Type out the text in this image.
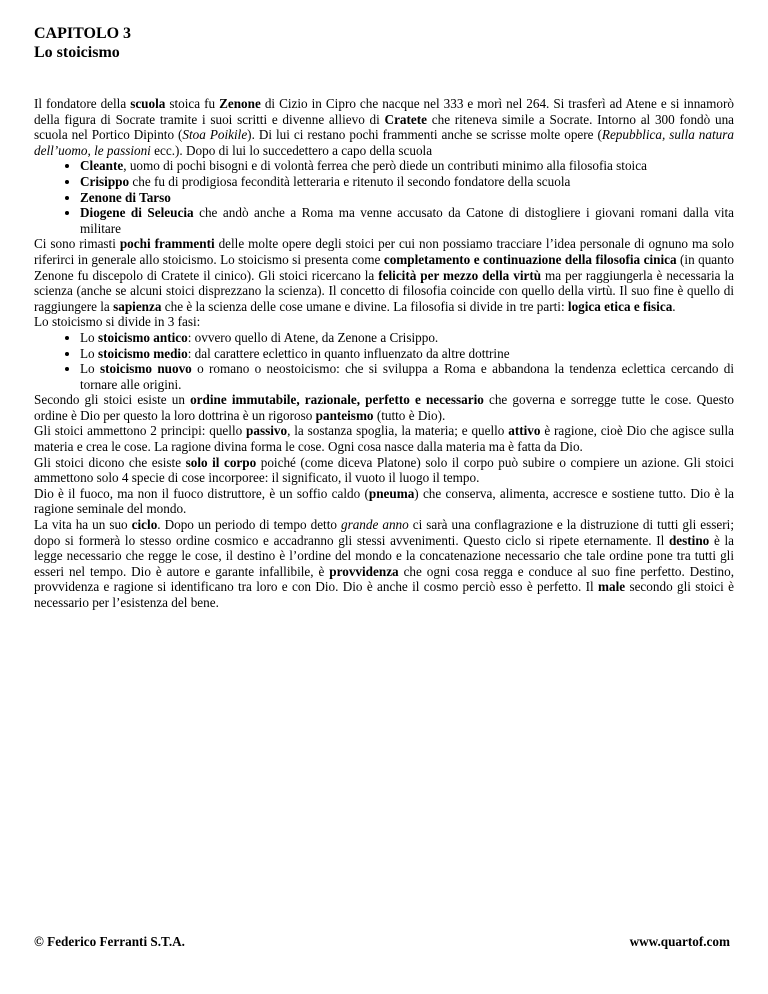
CAPITOLO 3
Lo stoicismo

Il fondatore della scuola stoica fu Zenone di Cizio in Cipro che nacque nel 333 e morì nel 264. Si trasferì ad Atene e si innamorò della figura di Socrate tramite i suoi scritti e divenne allievo di Cratete che riteneva simile a Socrate. Intorno al 300 fondò una scuola nel Portico Dipinto (Stoa Poikile). Di lui ci restano pochi frammenti anche se scrisse molte opere (Repubblica, sulla natura dell’uomo, le passioni ecc.). Dopo di lui lo succedettero a capo della scuola

• Cleante, uomo di pochi bisogni e di volontà ferrea che però diede un contributi minimo alla filosofia stoica
• Crisippo che fu di prodigiosa fecondità letteraria e ritenuto il secondo fondatore della scuola
• Zenone di Tarso
• Diogene di Seleucia che andò anche a Roma ma venne accusato da Catone di distogliere i giovani romani dalla vita militare

Ci sono rimasti pochi frammenti delle molte opere degli stoici per cui non possiamo tracciare l’idea personale di ognuno ma solo riferirci in generale allo stoicismo. Lo stoicismo si presenta come completamento e continuazione della filosofia cinica (in quanto Zenone fu discepolo di Cratete il cinico). Gli stoici ricercano la felicità per mezzo della virtù ma per raggiungerla è necessaria la scienza (anche se alcuni stoici disprezzano la scienza). Il concetto di filosofia coincide con quello della virtù. Il suo fine è quello di raggiungere la sapienza che è la scienza delle cose umane e divine. La filosofia si divide in tre parti: logica etica e fisica.

Lo stoicismo si divide in 3 fasi:

• Lo stoicismo antico: ovvero quello di Atene, da Zenone a Crisippo.
• Lo stoicismo medio: dal carattere eclettico in quanto influenzato da altre dottrine
• Lo stoicismo nuovo o romano o neostoicismo: che si sviluppa a Roma e abbandona la tendenza eclettica cercando di tornare alle origini.

Secondo gli stoici esiste un ordine immutabile, razionale, perfetto e necessario che governa e sorregge tutte le cose. Questo ordine è Dio per questo la loro dottrina è un rigoroso panteismo (tutto è Dio).

Gli stoici ammettono 2 principi: quello passivo, la sostanza spoglia, la materia; e quello attivo è ragione, cioè Dio che agisce sulla materia e crea le cose. La ragione divina forma le cose. Ogni cosa nasce dalla materia ma è fatta da Dio.

Gli stoici dicono che esiste solo il corpo poiché (come diceva Platone) solo il corpo può subire o compiere un azione. Gli stoici ammettono solo 4 specie di cose incorporee: il significato, il vuoto il luogo il tempo.

Dio è il fuoco, ma non il fuoco distruttore, è un soffio caldo (pneuma) che conserva, alimenta, accresce e sostiene tutto. Dio è la ragione seminale del mondo.

La vita ha un suo ciclo. Dopo un periodo di tempo detto grande anno ci sarà una conflagrazione e la distruzione di tutti gli esseri; dopo si formerà lo stesso ordine cosmico e accadranno gli stessi avvenimenti. Questo ciclo si ripete eternamente. Il destino è la legge necessario che regge le cose, il destino è l’ordine del mondo e la concatenazione necessario che tale ordine pone tra tutti gli esseri nel tempo. Dio è autore e garante infallibile, è provvidenza che ogni cosa regga e conduce al suo fine perfetto. Destino, provvidenza e ragione si identificano tra loro e con Dio. Dio è anche il cosmo perciò esso è perfetto. Il male secondo gli stoici è necessario per l’esistenza del bene.

© Federico Ferranti S.T.A.	www.quartof.com
